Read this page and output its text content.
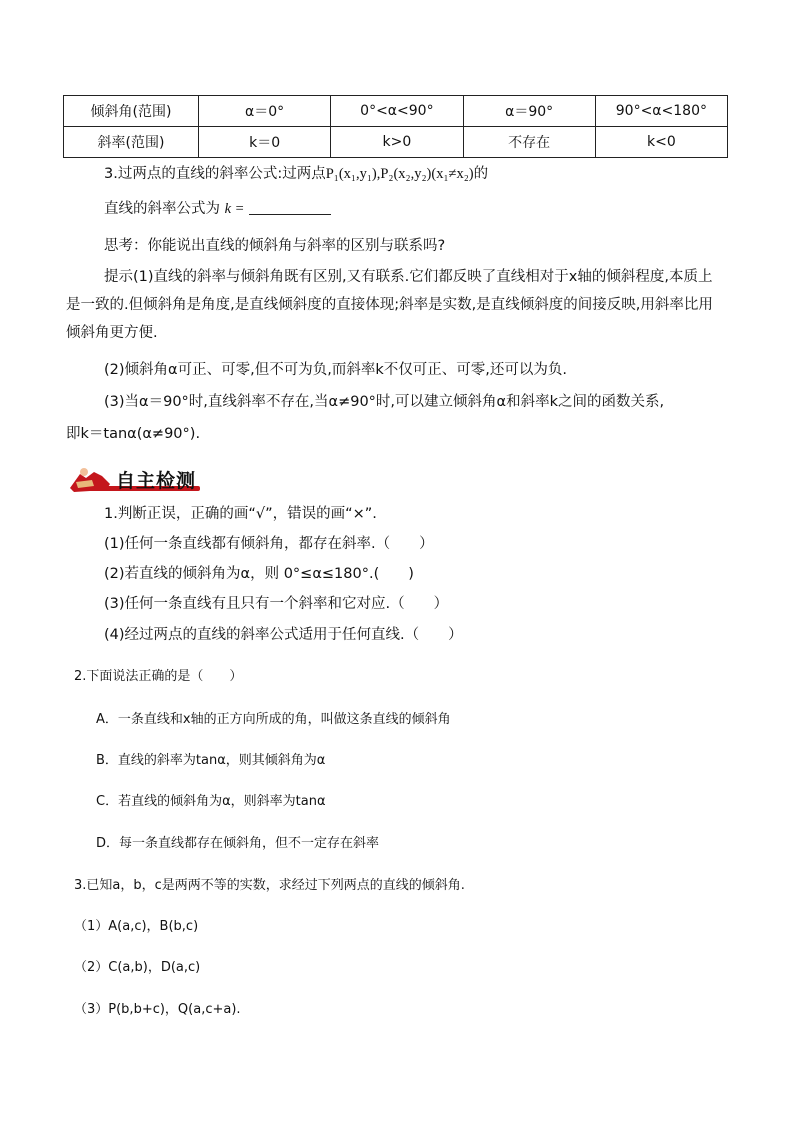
倾斜角(范围)	α＝0°	0°<α<90°	α＝90°	90°<α<180°
斜率(范围)	k＝0	k>0	不存在	k<0
3.过两点的直线的斜率公式:过两点P₁(x₁,y₁),P₂(x₂,y₂)(x₁≠x₂)的
直线的斜率公式为 k =
思考：你能说出直线的倾斜角与斜率的区别与联系吗?
提示(1)直线的斜率与倾斜角既有区别,又有联系.它们都反映了直线相对于x轴的倾斜程度,本质上是一致的.但倾斜角是角度,是直线倾斜度的直接体现;斜率是实数,是直线倾斜度的间接反映,用斜率比用倾斜角更方便.
(2)倾斜角α可正、可零,但不可为负,而斜率k不仅可正、可零,还可以为负.
(3)当α＝90°时,直线斜率不存在,当α≠90°时,可以建立倾斜角α和斜率k之间的函数关系,
即k＝tanα(α≠90°).
自主检测
1.判断正误，正确的画“√”，错误的画“×”.
(1)任何一条直线都有倾斜角，都存在斜率.（　　）
(2)若直线的倾斜角为α，则 0°≤α≤180°.(　　)
(3)任何一条直线有且只有一个斜率和它对应.（　　）
(4)经过两点的直线的斜率公式适用于任何直线.（　　）
2.下面说法正确的是（　　）
A．一条直线和x轴的正方向所成的角，叫做这条直线的倾斜角
B．直线的斜率为tanα，则其倾斜角为α
C．若直线的倾斜角为α，则斜率为tanα
D．每一条直线都存在倾斜角，但不一定存在斜率
3.已知a，b，c是两两不等的实数，求经过下列两点的直线的倾斜角.
（1）A(a,c)，B(b,c)
（2）C(a,b)，D(a,c)
（3）P(b,b+c)，Q(a,c+a).
